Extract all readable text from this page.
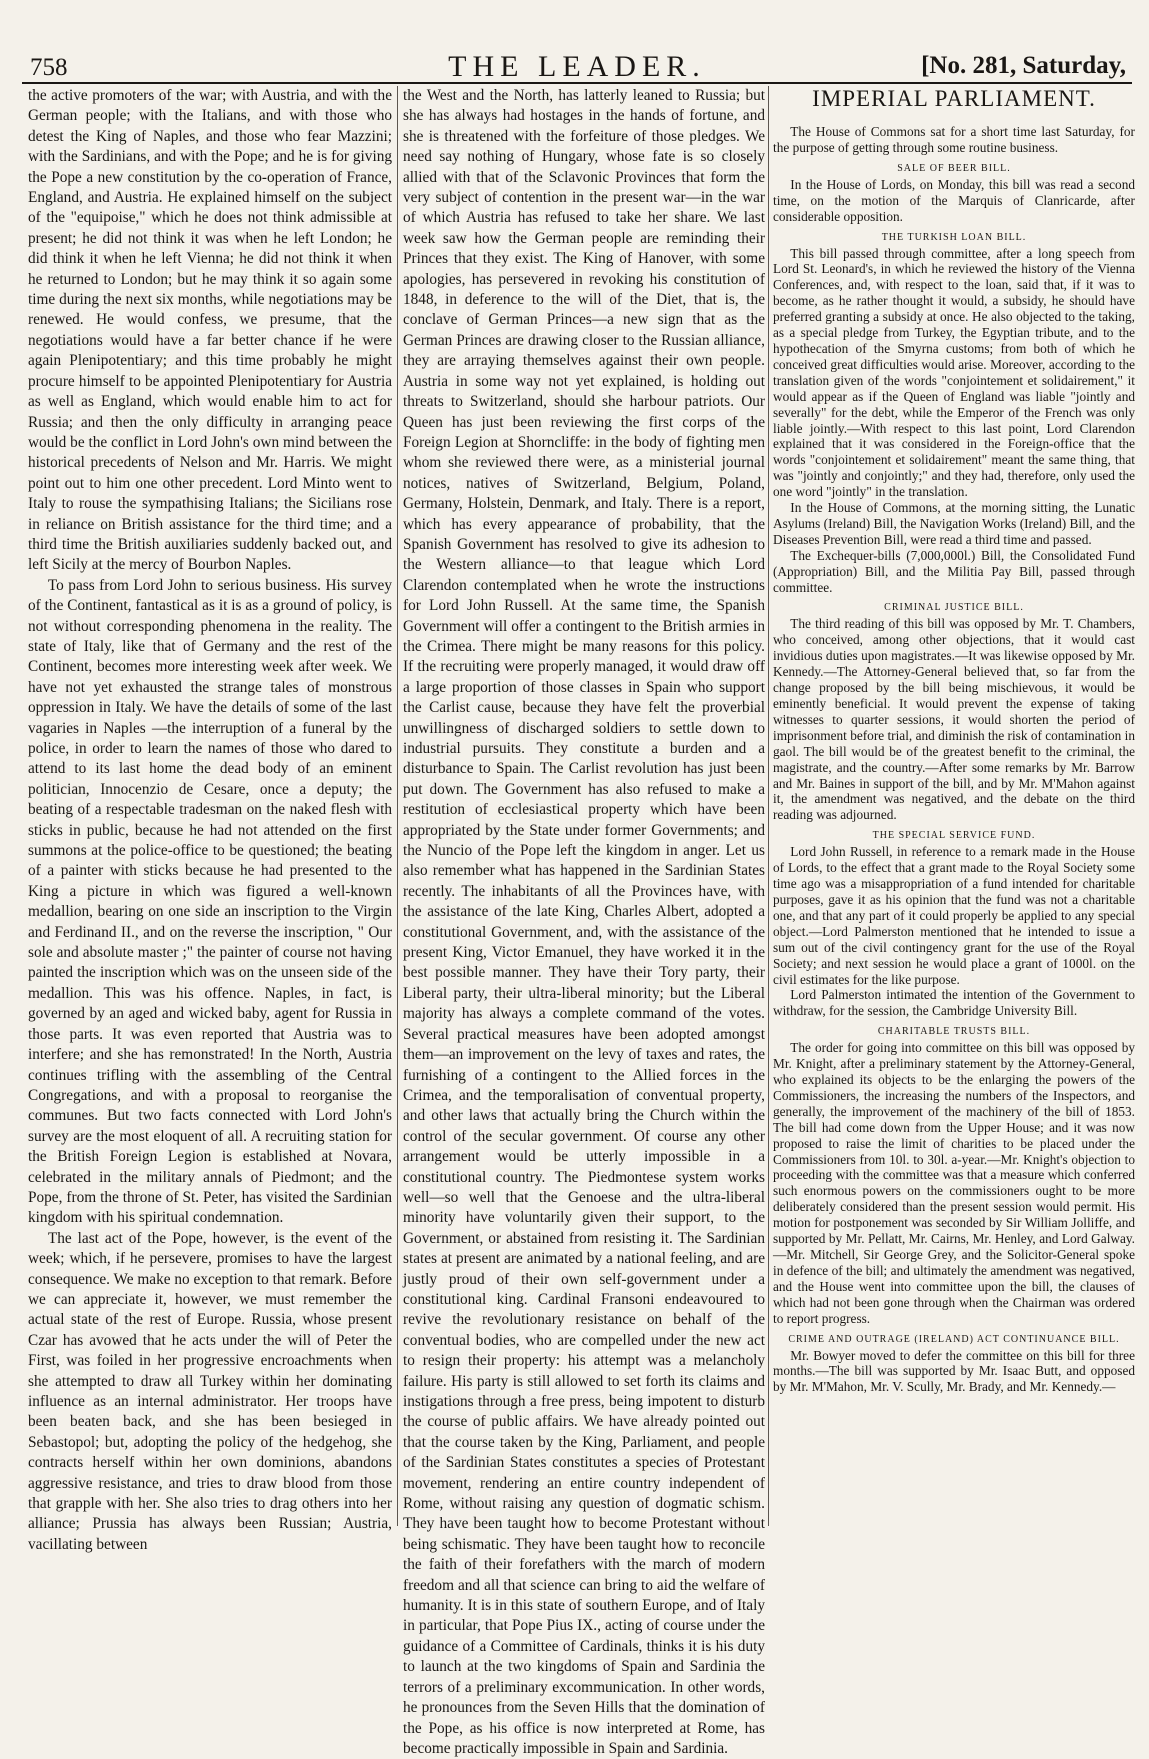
758	THE LEADER.	[No. 281, Saturday,

the active promoters of the war; with Austria, and with the German people; with the Italians, and with those who detest the King of Naples, and those who fear Mazzini; with the Sardinians, and with the Pope; and he is for giving the Pope a new constitution by the co-operation of France, England, and Austria. He explained himself on the subject of the "equipoise," which he does not think admissible at present; he did not think it was when he left London; he did think it when he left Vienna; he did not think it when he returned to London; but he may think it so again some time during the next six months, while negotiations may be renewed. He would confess, we presume, that the negotiations would have a far better chance if he were again Plenipotentiary; and this time probably he might procure himself to be appointed Plenipotentiary for Austria as well as England, which would enable him to act for Russia; and then the only difficulty in arranging peace would be the conflict in Lord John's own mind between the historical precedents of Nelson and Mr. Harris. We might point out to him one other precedent. Lord Minto went to Italy to rouse the sympathising Italians; the Sicilians rose in reliance on British assistance for the third time; and a third time the British auxiliaries suddenly backed out, and left Sicily at the mercy of Bourbon Naples.

To pass from Lord John to serious business. His survey of the Continent, fantastical as it is as a ground of policy, is not without corresponding phenomena in the reality. The state of Italy, like that of Germany and the rest of the Continent, becomes more interesting week after week. We have not yet exhausted the strange tales of monstrous oppression in Italy. We have the details of some of the last vagaries in Naples —the interruption of a funeral by the police, in order to learn the names of those who dared to attend to its last home the dead body of an eminent politician, Innocenzio de Cesare, once a deputy; the beating of a respectable tradesman on the naked flesh with sticks in public, because he had not attended on the first summons at the police-office to be questioned; the beating of a painter with sticks because he had presented to the King a picture in which was figured a well-known medallion, bearing on one side an inscription to the Virgin and Ferdinand II., and on the reverse the inscription, " Our sole and absolute master ;" the painter of course not having painted the inscription which was on the unseen side of the medallion. This was his offence. Naples, in fact, is governed by an aged and wicked baby, agent for Russia in those parts. It was even reported that Austria was to interfere; and she has remonstrated! In the North, Austria continues trifling with the assembling of the Central Congregations, and with a proposal to reorganise the communes. But two facts connected with Lord John's survey are the most eloquent of all. A recruiting station for the British Foreign Legion is established at Novara, celebrated in the military annals of Piedmont; and the Pope, from the throne of St. Peter, has visited the Sardinian kingdom with his spiritual condemnation.

The last act of the Pope, however, is the event of the week; which, if he persevere, promises to have the largest consequence. We make no exception to that remark. Before we can appreciate it, however, we must remember the actual state of the rest of Europe. Russia, whose present Czar has avowed that he acts under the will of Peter the First, was foiled in her progressive encroachments when she attempted to draw all Turkey within her dominating influence as an internal administrator. Her troops have been beaten back, and she has been besieged in Sebastopol; but, adopting the policy of the hedgehog, she contracts herself within her own dominions, abandons aggressive resistance, and tries to draw blood from those that grapple with her. She also tries to drag others into her alliance; Prussia has always been Russian; Austria, vacillating between

the West and the North, has latterly leaned to Russia; but she has always had hostages in the hands of fortune, and she is threatened with the forfeiture of those pledges. We need say nothing of Hungary, whose fate is so closely allied with that of the Sclavonic Provinces that form the very subject of contention in the present war—in the war of which Austria has refused to take her share. We last week saw how the German people are reminding their Princes that they exist. The King of Hanover, with some apologies, has persevered in revoking his constitution of 1848, in deference to the will of the Diet, that is, the conclave of German Princes—a new sign that as the German Princes are drawing closer to the Russian alliance, they are arraying themselves against their own people. Austria in some way not yet explained, is holding out threats to Switzerland, should she harbour patriots. Our Queen has just been reviewing the first corps of the Foreign Legion at Shorncliffe: in the body of fighting men whom she reviewed there were, as a ministerial journal notices, natives of Switzerland, Belgium, Poland, Germany, Holstein, Denmark, and Italy. There is a report, which has every appearance of probability, that the Spanish Government has resolved to give its adhesion to the Western alliance—to that league which Lord Clarendon contemplated when he wrote the instructions for Lord John Russell. At the same time, the Spanish Government will offer a contingent to the British armies in the Crimea. There might be many reasons for this policy. If the recruiting were properly managed, it would draw off a large proportion of those classes in Spain who support the Carlist cause, because they have felt the proverbial unwillingness of discharged soldiers to settle down to industrial pursuits. They constitute a burden and a disturbance to Spain. The Carlist revolution has just been put down. The Government has also refused to make a restitution of ecclesiastical property which have been appropriated by the State under former Governments; and the Nuncio of the Pope left the kingdom in anger. Let us also remember what has happened in the Sardinian States recently. The inhabitants of all the Provinces have, with the assistance of the late King, Charles Albert, adopted a constitutional Government, and, with the assistance of the present King, Victor Emanuel, they have worked it in the best possible manner. They have their Tory party, their Liberal party, their ultra-liberal minority; but the Liberal majority has always a complete command of the votes. Several practical measures have been adopted amongst them—an improvement on the levy of taxes and rates, the furnishing of a contingent to the Allied forces in the Crimea, and the temporalisation of conventual property, and other laws that actually bring the Church within the control of the secular government. Of course any other arrangement would be utterly impossible in a constitutional country. The Piedmontese system works well—so well that the Genoese and the ultra-liberal minority have voluntarily given their support, to the Government, or abstained from resisting it. The Sardinian states at present are animated by a national feeling, and are justly proud of their own self-government under a constitutional king. Cardinal Fransoni endeavoured to revive the revolutionary resistance on behalf of the conventual bodies, who are compelled under the new act to resign their property: his attempt was a melancholy failure. His party is still allowed to set forth its claims and instigations through a free press, being impotent to disturb the course of public affairs. We have already pointed out that the course taken by the King, Parliament, and people of the Sardinian States constitutes a species of Protestant movement, rendering an entire country independent of Rome, without raising any question of dogmatic schism. They have been taught how to become Protestant without being schismatic. They have been taught how to reconcile the faith of their forefathers with the march of modern freedom and all that science can bring to aid the welfare of humanity. It is in this state of southern Europe, and of Italy in particular, that Pope Pius IX., acting of course under the guidance of a Committee of Cardinals, thinks it is his duty to launch at the two kingdoms of Spain and Sardinia the terrors of a preliminary excommunication. In other words, he pronounces from the Seven Hills that the domination of the Pope, as his office is now interpreted at Rome, has become practically impossible in Spain and Sardinia.

IMPERIAL PARLIAMENT.

The House of Commons sat for a short time last Saturday, for the purpose of getting through some routine business.

SALE OF BEER BILL.

In the House of Lords, on Monday, this bill was read a second time, on the motion of the Marquis of Clanricarde, after considerable opposition.

THE TURKISH LOAN BILL.

This bill passed through committee, after a long speech from Lord St. Leonard's, in which he reviewed the history of the Vienna Conferences, and, with respect to the loan, said that, if it was to become, as he rather thought it would, a subsidy, he should have preferred granting a subsidy at once. He also objected to the taking, as a special pledge from Turkey, the Egyptian tribute, and to the hypothecation of the Smyrna customs; from both of which he conceived great difficulties would arise. Moreover, according to the translation given of the words "conjointement et solidairement," it would appear as if the Queen of England was liable "jointly and severally" for the debt, while the Emperor of the French was only liable jointly.—With respect to this last point, Lord Clarendon explained that it was considered in the Foreign-office that the words "conjointement et solidairement" meant the same thing, that was "jointly and conjointly;" and they had, therefore, only used the one word "jointly" in the translation.

In the House of Commons, at the morning sitting, the Lunatic Asylums (Ireland) Bill, the Navigation Works (Ireland) Bill, and the Diseases Prevention Bill, were read a third time and passed.

The Exchequer-bills (7,000,000l.) Bill, the Consolidated Fund (Appropriation) Bill, and the Militia Pay Bill, passed through committee.

CRIMINAL JUSTICE BILL.

The third reading of this bill was opposed by Mr. T. Chambers, who conceived, among other objections, that it would cast invidious duties upon magistrates.—It was likewise opposed by Mr. Kennedy.—The Attorney-General believed that, so far from the change proposed by the bill being mischievous, it would be eminently beneficial. It would prevent the expense of taking witnesses to quarter sessions, it would shorten the period of imprisonment before trial, and diminish the risk of contamination in gaol. The bill would be of the greatest benefit to the criminal, the magistrate, and the country.—After some remarks by Mr. Barrow and Mr. Baines in support of the bill, and by Mr. M'Mahon against it, the amendment was negatived, and the debate on the third reading was adjourned.

THE SPECIAL SERVICE FUND.

Lord John Russell, in reference to a remark made in the House of Lords, to the effect that a grant made to the Royal Society some time ago was a misappropriation of a fund intended for charitable purposes, gave it as his opinion that the fund was not a charitable one, and that any part of it could properly be applied to any special object.—Lord Palmerston mentioned that he intended to issue a sum out of the civil contingency grant for the use of the Royal Society; and next session he would place a grant of 1000l. on the civil estimates for the like purpose.

Lord Palmerston intimated the intention of the Government to withdraw, for the session, the Cambridge University Bill.

CHARITABLE TRUSTS BILL.

The order for going into committee on this bill was opposed by Mr. Knight, after a preliminary statement by the Attorney-General, who explained its objects to be the enlarging the powers of the Commissioners, the increasing the numbers of the Inspectors, and generally, the improvement of the machinery of the bill of 1853. The bill had come down from the Upper House; and it was now proposed to raise the limit of charities to be placed under the Commissioners from 10l. to 30l. a-year.—Mr. Knight's objection to proceeding with the committee was that a measure which conferred such enormous powers on the commissioners ought to be more deliberately considered than the present session would permit. His motion for postponement was seconded by Sir William Jolliffe, and supported by Mr. Pellatt, Mr. Cairns, Mr. Henley, and Lord Galway.—Mr. Mitchell, Sir George Grey, and the Solicitor-General spoke in defence of the bill; and ultimately the amendment was negatived, and the House went into committee upon the bill, the clauses of which had not been gone through when the Chairman was ordered to report progress.

CRIME AND OUTRAGE (IRELAND) ACT CONTINUANCE BILL.

Mr. Bowyer moved to defer the committee on this bill for three months.—The bill was supported by Mr. Isaac Butt, and opposed by Mr. M'Mahon, Mr. V. Scully, Mr. Brady, and Mr. Kennedy.—
